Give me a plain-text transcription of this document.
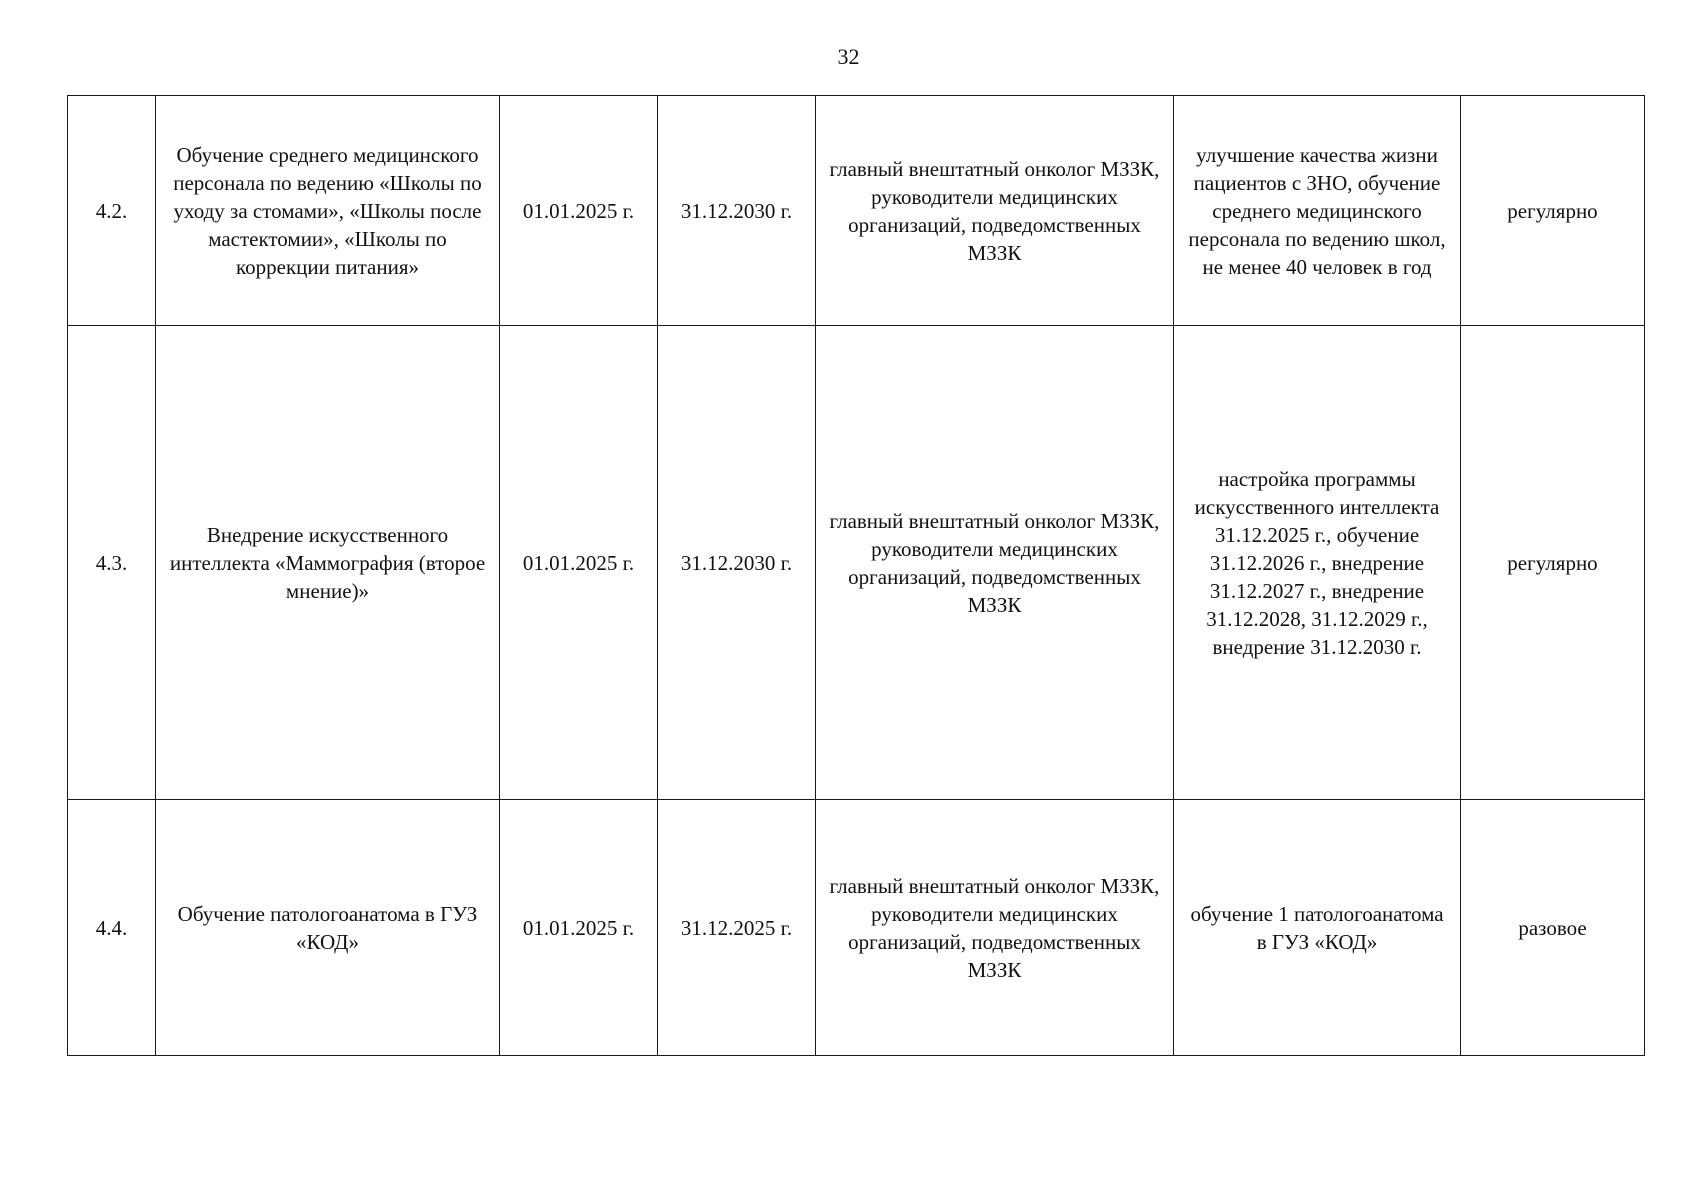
32
4.2.	Обучение среднего медицинского персонала по ведению «Школы по уходу за стомами», «Школы после мастектомии», «Школы по коррекции питания»	01.01.2025 г.	31.12.2030 г.	главный внештатный онколог МЗЗК, руководители медицинских организаций, подведомственных МЗЗК	улучшение качества жизни пациентов с ЗНО, обучение среднего медицинского персонала по ведению школ, не менее 40 человек в год	регулярно
4.3.	Внедрение искусственного интеллекта «Маммография (второе мнение)»	01.01.2025 г.	31.12.2030 г.	главный внештатный онколог МЗЗК, руководители медицинских организаций, подведомственных МЗЗК	настройка программы искусственного интеллекта 31.12.2025 г., обучение 31.12.2026 г., внедрение 31.12.2027 г., внедрение 31.12.2028, 31.12.2029 г., внедрение 31.12.2030 г.	регулярно
4.4.	Обучение патологоанатома в ГУЗ «КОД»	01.01.2025 г.	31.12.2025 г.	главный внештатный онколог МЗЗК, руководители медицинских организаций, подведомственных МЗЗК	обучение 1 патологоанатома в ГУЗ «КОД»	разовое
